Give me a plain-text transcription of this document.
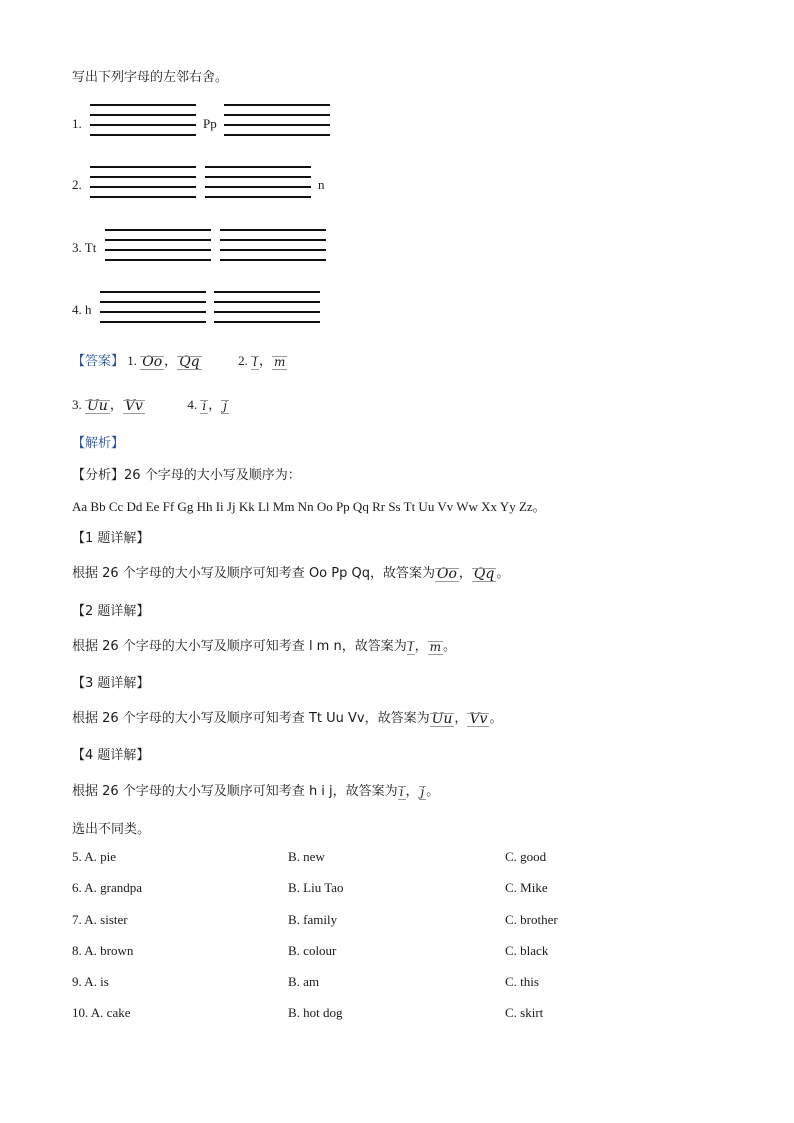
写出下列字母的左邻右舍。
1.	Pp
2.	n
3. Tt
4. h
【答案】 1. Oo ， Qq	2. l ， m
3. Uu ， Vv	4. i ， j
【解析】
【分析】26 个字母的大小写及顺序为：
Aa Bb Cc Dd Ee Ff Gg Hh Ii Jj Kk Ll Mm Nn Oo Pp Qq Rr Ss Tt Uu Vv Ww Xx Yy Zz。
【1 题详解】
根据 26 个字母的大小写及顺序可知考查 Oo Pp Qq，故答案为 Oo ， Qq 。
【2 题详解】
根据 26 个字母的大小写及顺序可知考查 l m n，故答案为 l ， m 。
【3 题详解】
根据 26 个字母的大小写及顺序可知考查 Tt Uu Vv，故答案为 Uu ， Vv 。
【4 题详解】
根据 26 个字母的大小写及顺序可知考查 h i j，故答案为 i ， j 。
选出不同类。
5. A. pie	B. new	C. good
6. A. grandpa	B. Liu Tao	C. Mike
7. A. sister	B. family	C. brother
8. A. brown	B. colour	C. black
9. A. is	B. am	C. this
10. A. cake	B. hot dog	C. skirt
